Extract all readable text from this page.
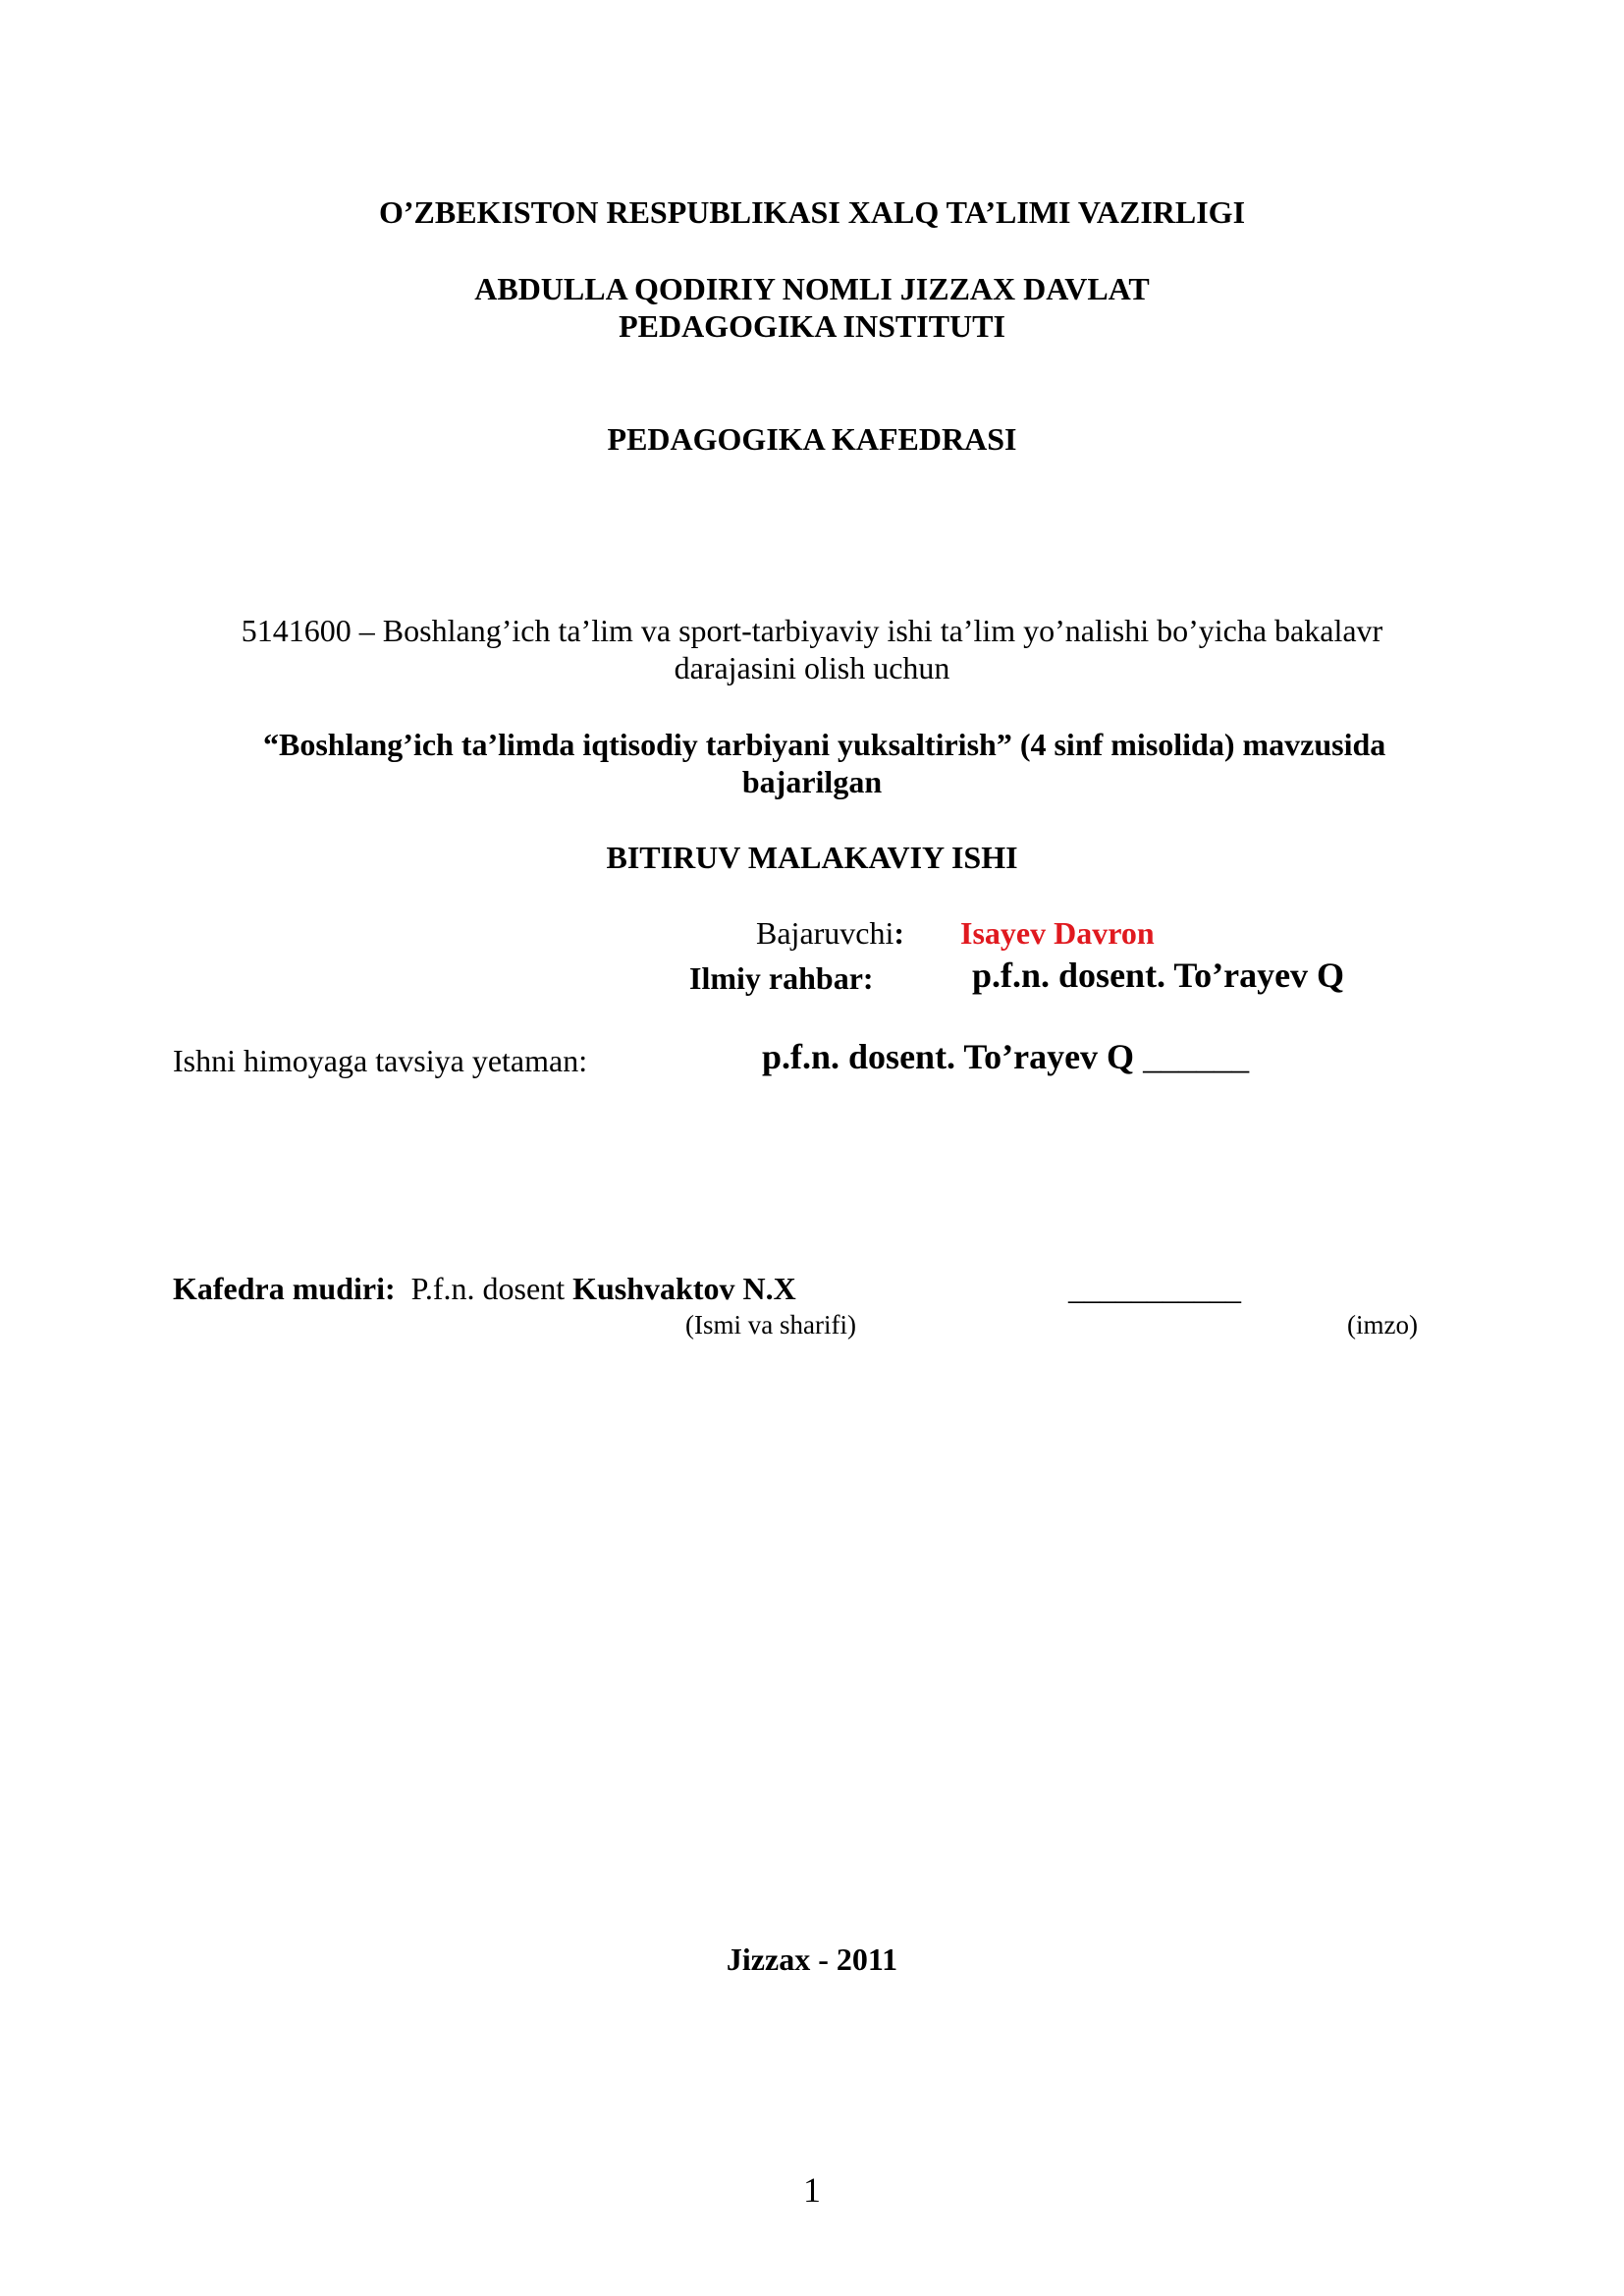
O’ZBEKISTON RESPUBLIKASI XALQ TA’LIMI VAZIRLIGI
ABDULLA QODIRIY NOMLI JIZZAX DAVLAT
PEDAGOGIKA INSTITUTI
PEDAGOGIKA KAFEDRASI
5141600 – Boshlang’ich ta’lim va sport-tarbiyaviy ishi ta’lim yo’nalishi bo’yicha bakalavr
darajasini olish uchun
“Boshlang’ich ta’limda iqtisodiy tarbiyani yuksaltirish” (4 sinf misolida) mavzusida
bajarilgan
BITIRUV MALAKAVIY ISHI
Bajaruvchi: Isayev Davron
Ilmiy rahbar:	p.f.n. dosent. To’rayev Q
Ishni himoyaga tavsiya yetaman:	p.f.n. dosent. To’rayev Q ______
Kafedra mudiri: P.f.n. dosent Kushvaktov N.X	___________
(Ismi va sharifi)	(imzo)
Jizzax - 2011
1
